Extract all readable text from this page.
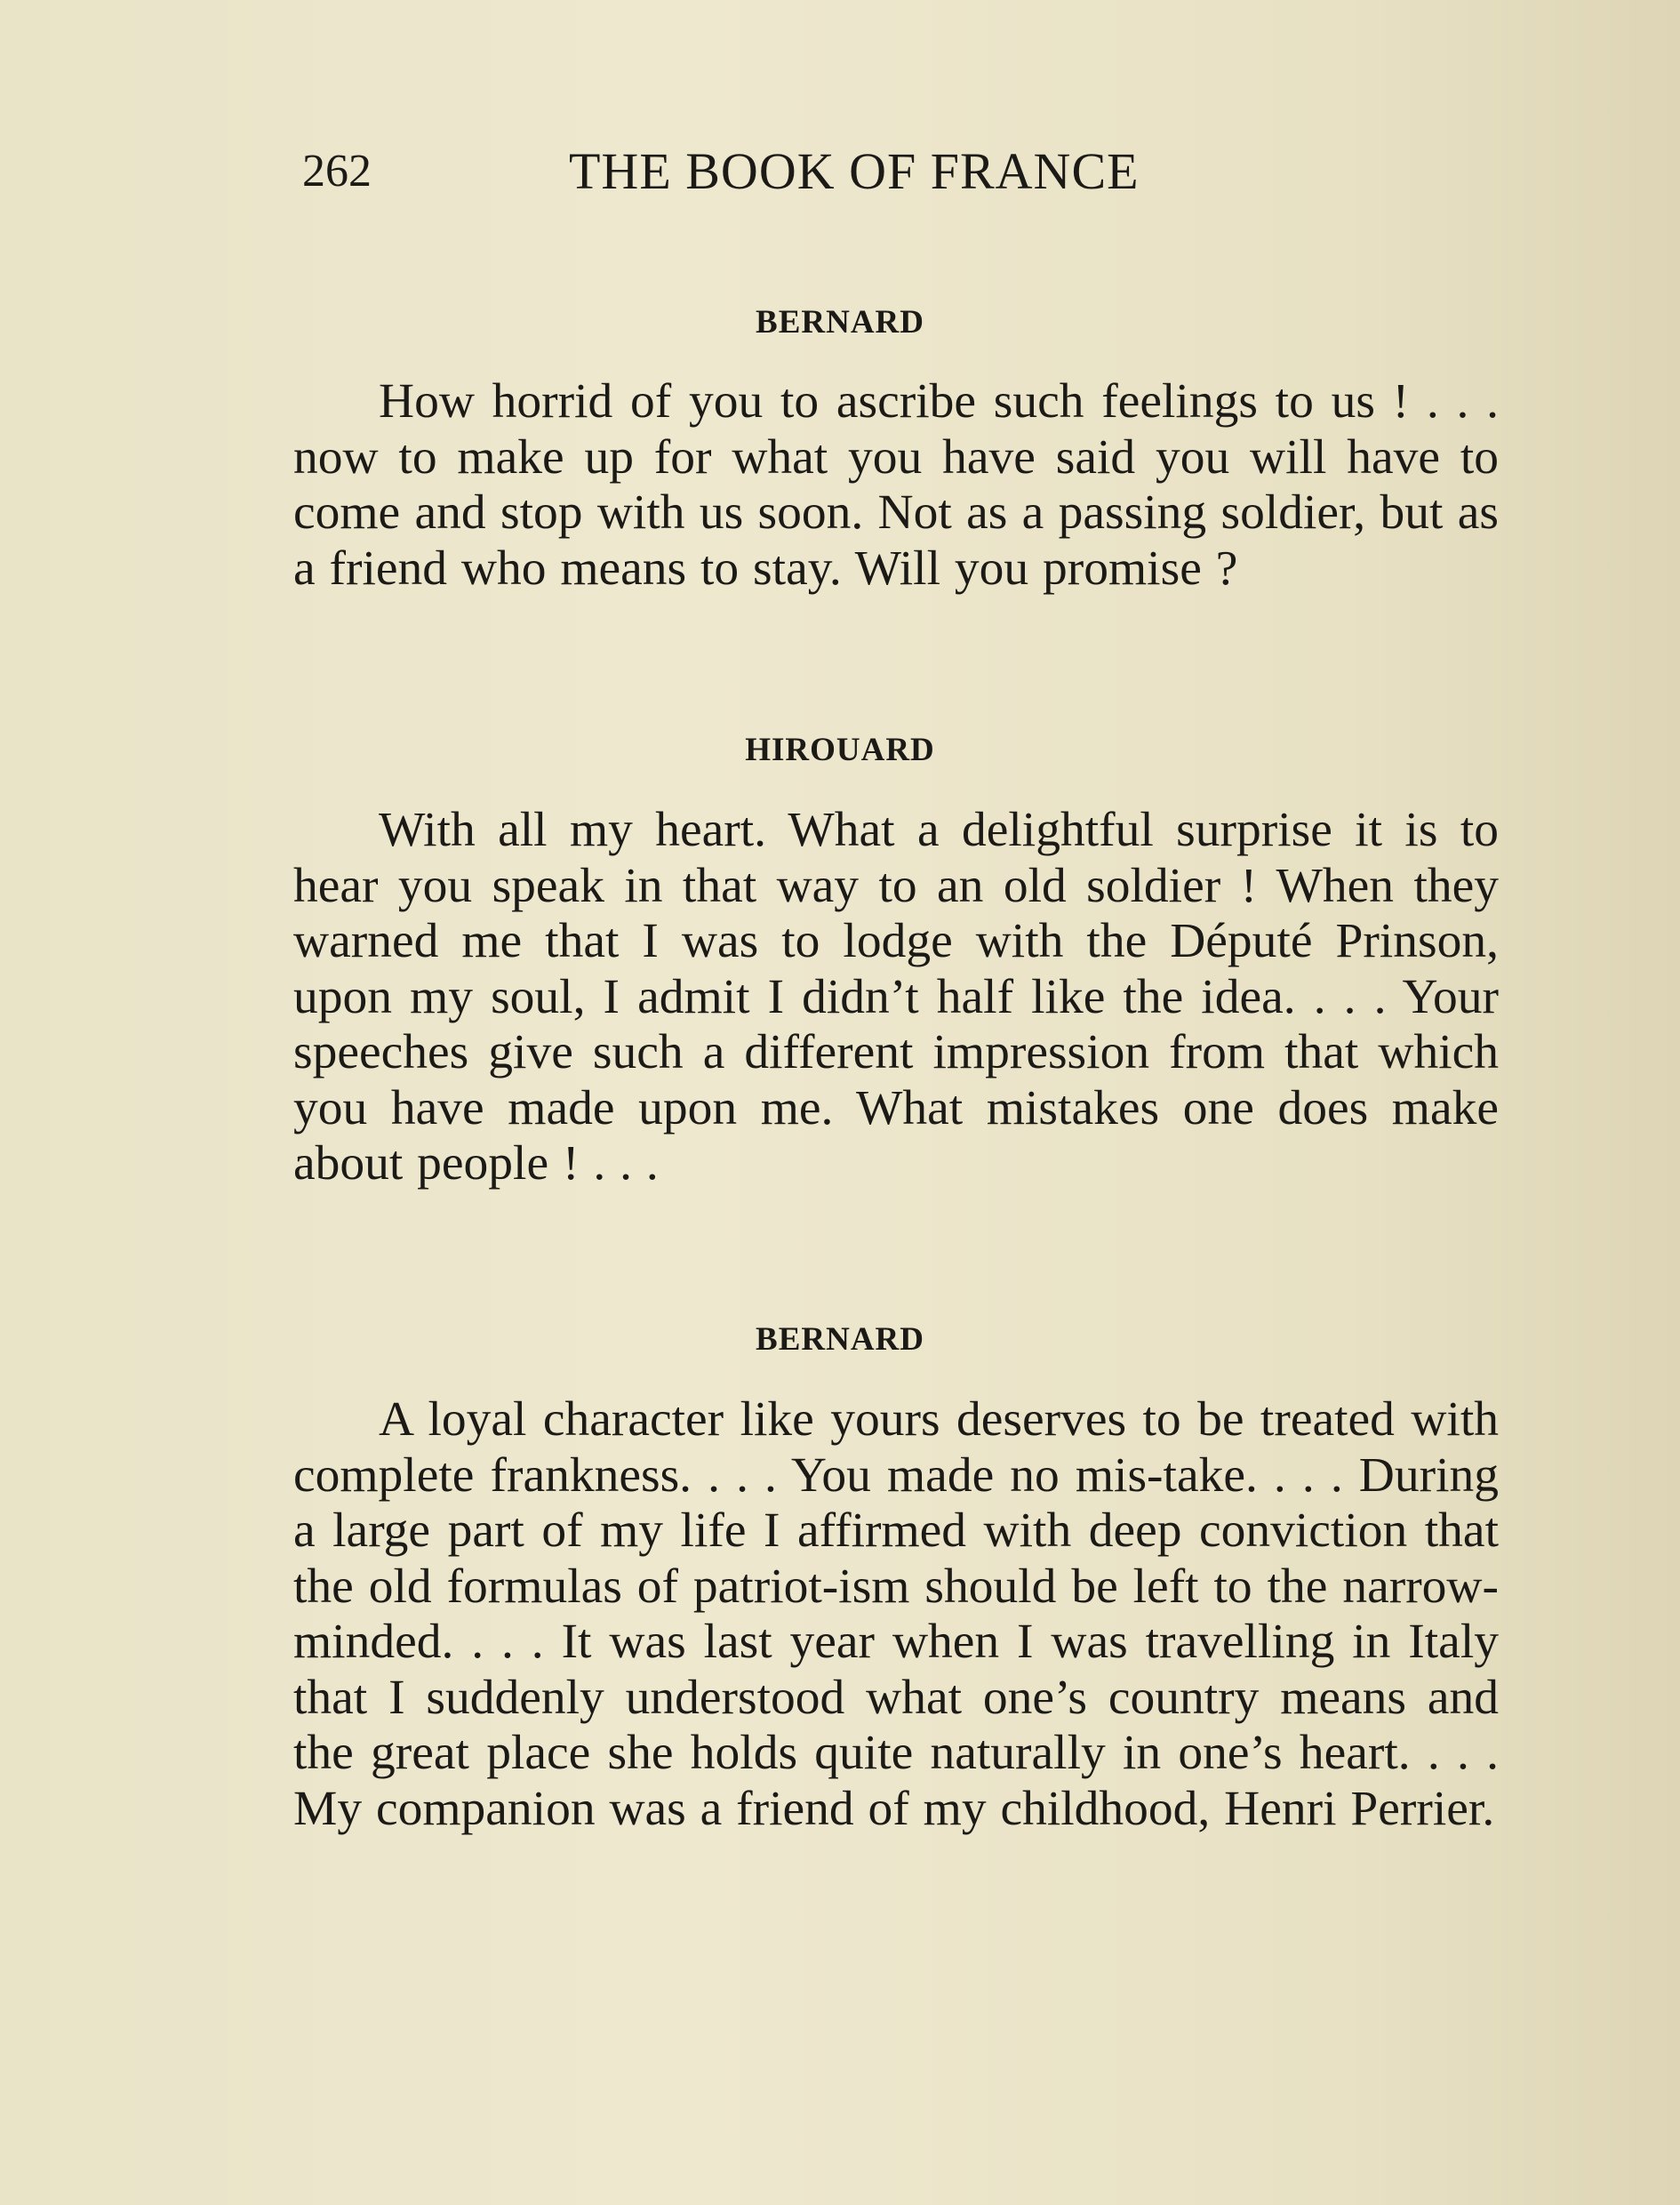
262	THE BOOK OF FRANCE
BERNARD

How horrid of you to ascribe such feelings to us ! . . . now to make up for what you have said you will have to come and stop with us soon. Not as a passing soldier, but as a friend who means to stay. Will you promise ?

HIROUARD

With all my heart. What a delightful surprise it is to hear you speak in that way to an old soldier ! When they warned me that I was to lodge with the Député Prinson, upon my soul, I admit I didn’t half like the idea. . . . Your speeches give such a different impression from that which you have made upon me. What mistakes one does make about people ! . . .

BERNARD

A loyal character like yours deserves to be treated with complete frankness. . . . You made no mis-take. . . . During a large part of my life I affirmed with deep conviction that the old formulas of patriot-ism should be left to the narrow-minded. . . . It was last year when I was travelling in Italy that I suddenly understood what one’s country means and the great place she holds quite naturally in one’s heart. . . . My companion was a friend of my childhood, Henri Perrier.
